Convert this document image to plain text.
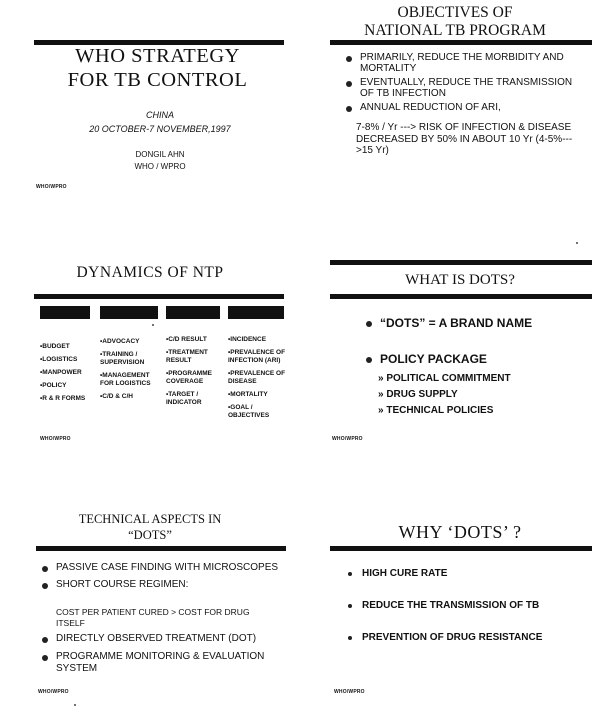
WHO STRATEGY FOR TB CONTROL
CHINA
20 OCTOBER-7 NOVEMBER,1997
DONGIL AHN
WHO / WPRO
WHO/WPRO
OBJECTIVES OF
NATIONAL TB PROGRAM
PRIMARILY, REDUCE THE MORBIDITY AND MORTALITY
EVENTUALLY, REDUCE THE TRANSMISSION OF TB INFECTION
ANNUAL REDUCTION OF ARI,
7-8% / Yr ---> RISK OF INFECTION & DISEASE DECREASED BY 50% IN ABOUT 10 Yr (4-5%--->15 Yr)
DYNAMICS OF NTP
•BUDGET
•LOGISTICS
•MANPOWER
•POLICY
•R & R FORMS
•ADVOCACY
•TRAINING / SUPERVISION
•MANAGEMENT FOR LOGISTICS
•C/D & C/H
•C/D RESULT
•TREATMENT RESULT
•PROGRAMME COVERAGE
•TARGET / INDICATOR
•INCIDENCE
•PREVALENCE OF INFECTION (ARI)
•PREVALENCE OF DISEASE
•MORTALITY
•GOAL / OBJECTIVES
WHO/WPRO
WHAT IS DOTS?
“DOTS” = A BRAND NAME
POLICY PACKAGE
» POLITICAL COMMITMENT
» DRUG SUPPLY
» TECHNICAL POLICIES
WHO/WPRO
TECHNICAL ASPECTS IN
“DOTS”
PASSIVE CASE FINDING WITH MICROSCOPES
SHORT COURSE REGIMEN:
COST PER PATIENT CURED > COST FOR DRUG ITSELF
DIRECTLY OBSERVED TREATMENT (DOT)
PROGRAMME MONITORING & EVALUATION SYSTEM
WHO/WPRO
WHY ‘DOTS’ ?
HIGH CURE RATE
REDUCE THE TRANSMISSION OF TB
PREVENTION OF DRUG RESISTANCE
WHO/WPRO
